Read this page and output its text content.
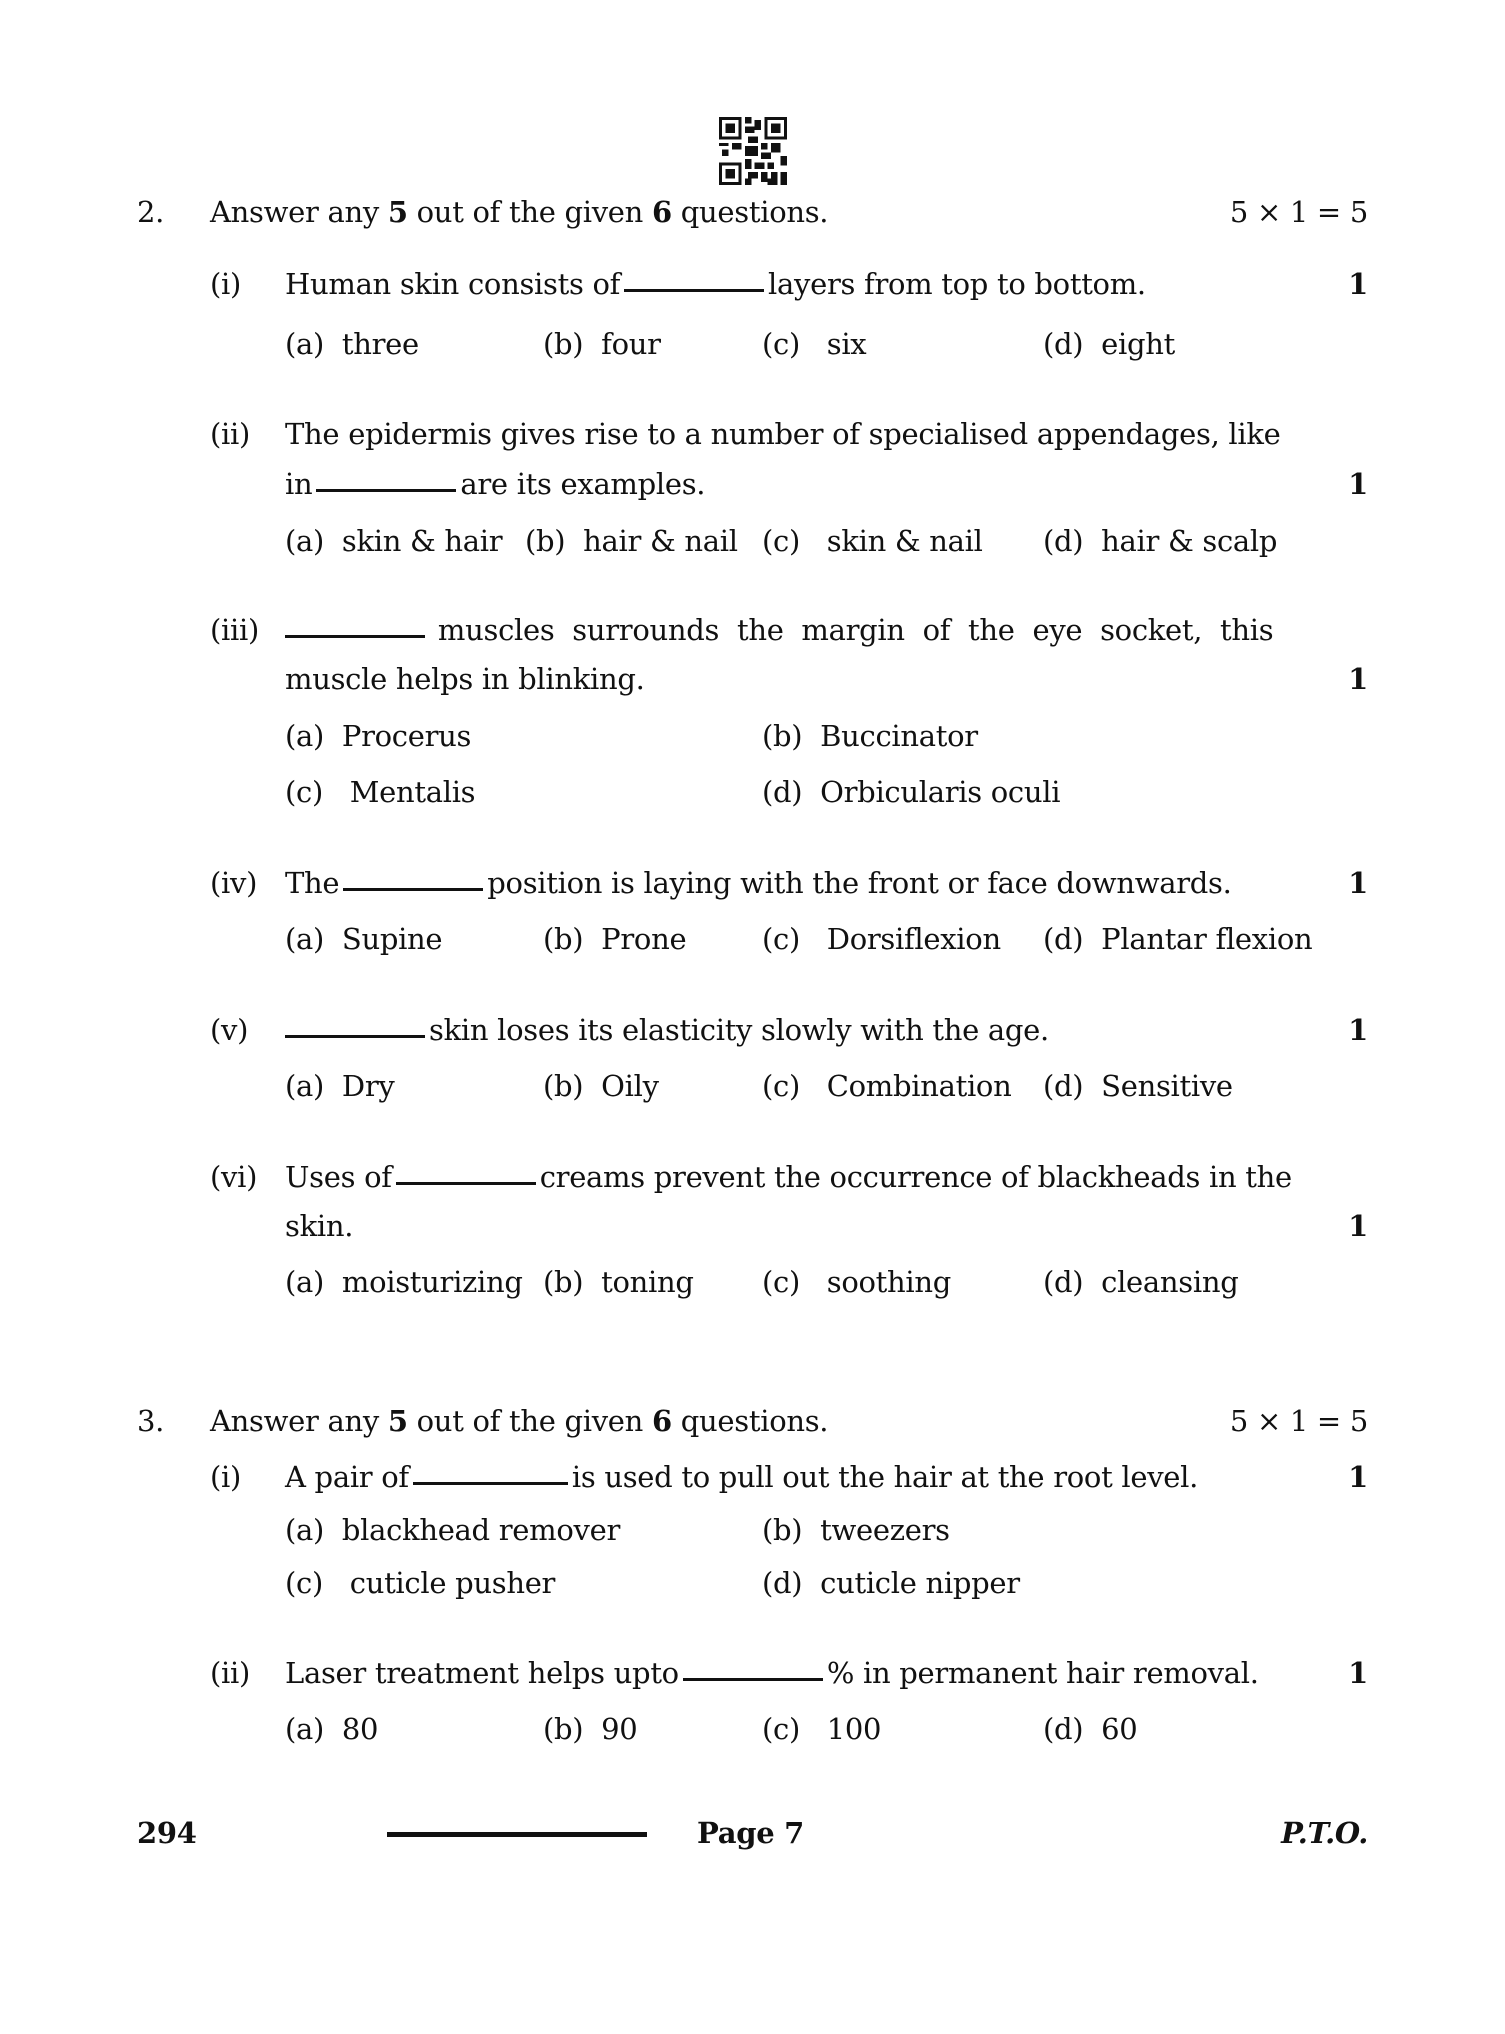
2. Answer any 5 out of the given 6 questions.	5 × 1 = 5
(i) Human skin consists of	layers from top to bottom.	1
(a) three	(b) four	(c) six	(d) eight
(ii) The epidermis gives rise to a number of specialised appendages, like
in	are its examples.	1
(a) skin & hair (b) hair & nail (c) skin & nail (d) hair & scalp
(iii)	muscles  surrounds  the  margin  of  the  eye  socket,  this
muscle helps in blinking.	1
(a) Procerus	(b) Buccinator
(c) Mentalis	(d) Orbicularis oculi
(iv) The	position is laying with the front or face downwards.	1
(a) Supine	(b) Prone	(c) Dorsiflexion (d) Plantar flexion
(v)	skin loses its elasticity slowly with the age.	1
(a) Dry	(b) Oily	(c) Combination (d) Sensitive
(vi) Uses of	creams prevent the occurrence of blackheads in the
skin.	1
(a) moisturizing (b) toning (c) soothing	(d) cleansing
3. Answer any 5 out of the given 6 questions.	5 × 1 = 5
(i) A pair of	is used to pull out the hair at the root level.	1
(a) blackhead remover	(b) tweezers
(c) cuticle pusher	(d) cuticle nipper
(ii) Laser treatment helps upto	% in permanent hair removal.	1
(a) 80	(b) 90	(c) 100	(d) 60
294	Page 7	P.T.O.
